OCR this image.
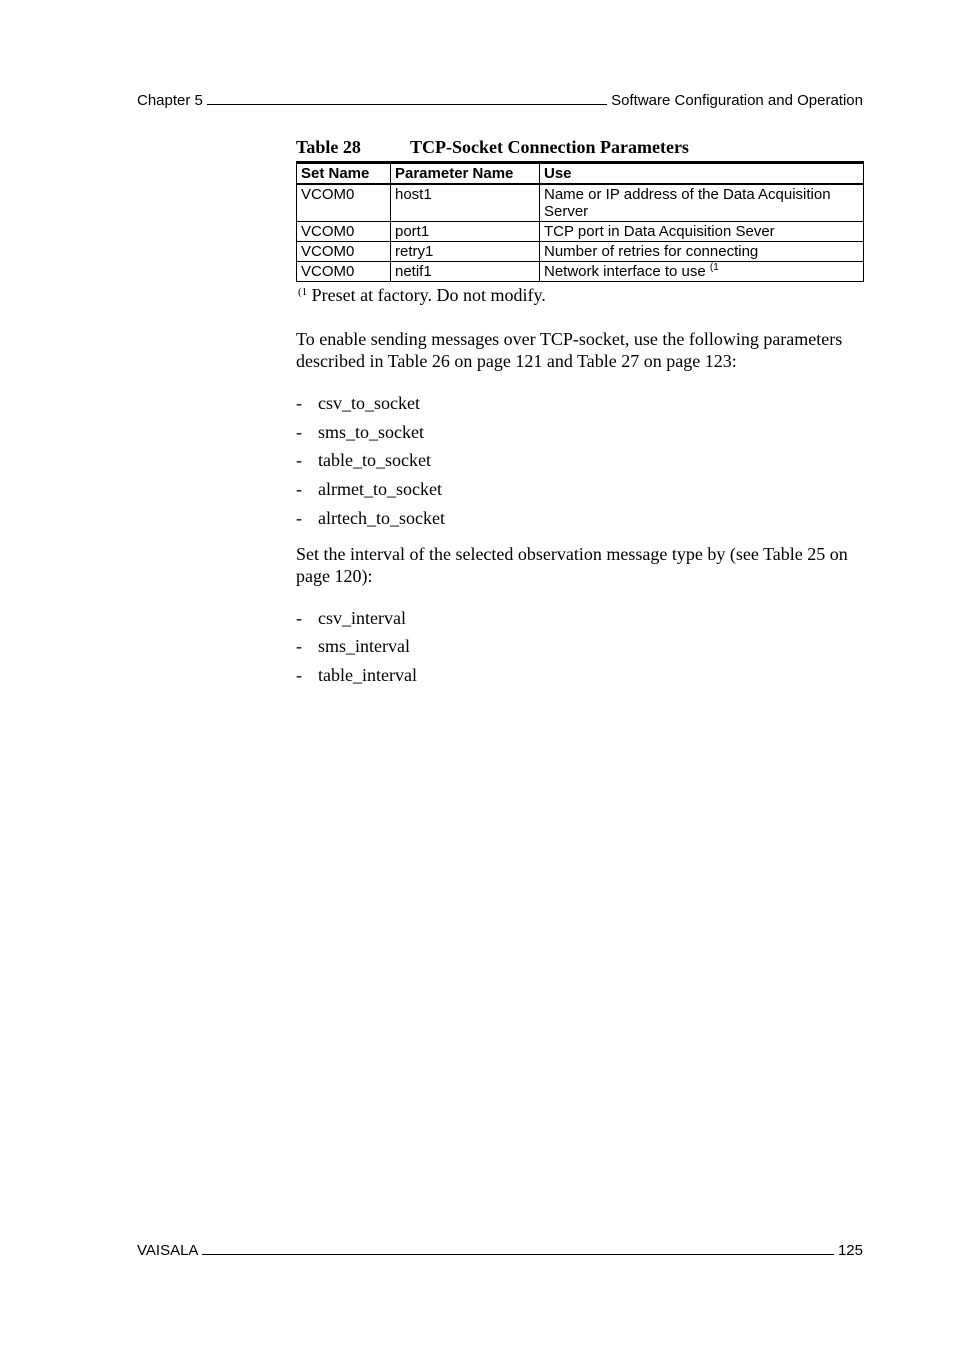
Chapter 5	Software Configuration and Operation
Table 28	TCP-Socket Connection Parameters
Set Name	Parameter Name	Use
VCOM0	host1	Name or IP address of the Data Acquisition Server
VCOM0	port1	TCP port in Data Acquisition Sever
VCOM0	retry1	Number of retries for connecting
VCOM0	netif1	Network interface to use $^{(1}$
$^{(1}$ Preset at factory. Do not modify.

To enable sending messages over TCP-socket, use the following parameters described in Table 26 on page 121 and Table 27 on page 123:

- csv_to_socket
- sms_to_socket
- table_to_socket
- alrmet_to_socket
- alrtech_to_socket

Set the interval of the selected observation message type by (see Table 25 on page 120):

- csv_interval
- sms_interval
- table_interval
VAISALA	125
